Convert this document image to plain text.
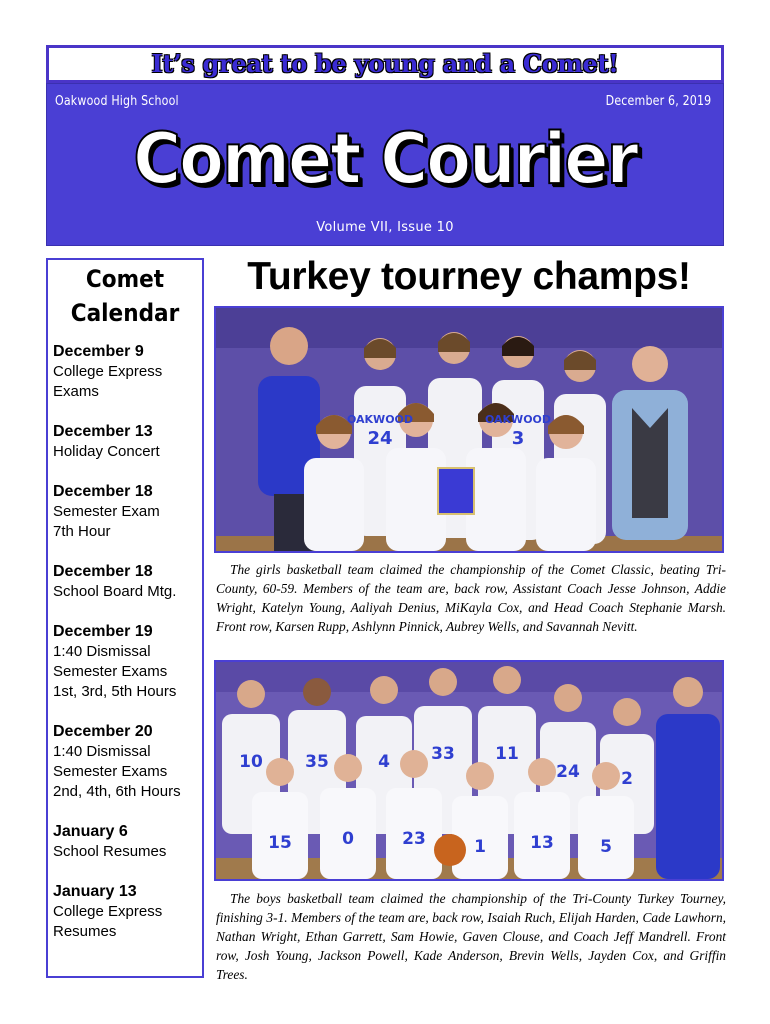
It’s great to be young and a Comet!
Oakwood High School	December 6, 2019
Comet Courier
Volume VII, Issue 10
Comet
Calendar
December 9
College Express
Exams
December 13
Holiday Concert
December 18
Semester Exam
7th Hour
December 18
School Board Mtg.
December 19
1:40 Dismissal
Semester Exams
1st, 3rd, 5th Hours
December 20
1:40 Dismissal
Semester Exams
2nd, 4th, 6th Hours
January 6
School Resumes
January 13
College Express
Resumes
Turkey tourney champs!
OAKWOOD
24
OAKWOOD
3
The girls basketball team claimed the championship of the Comet Classic, beating Tri-County, 60-59. Members of the team are, back row, Assistant Coach Jesse Johnson, Addie Wright, Katelyn Young, Aaliyah Denius, MiKayla Cox, and Head Coach Stephanie Marsh. Front row, Karsen Rupp, Ashlynn Pinnick, Aubrey Wells, and Savannah Nevitt.
10 35	4 33 11
24 2
15	0	23	1	13	5
The boys basketball team claimed the championship of the Tri-County Turkey Tourney, finishing 3-1. Members of the team are, back row, Isaiah Ruch, Elijah Harden, Cade Lawhorn, Nathan Wright, Ethan Garrett, Sam Howie, Gaven Clouse, and Coach Jeff Mandrell. Front row, Josh Young, Jackson Powell, Kade Anderson, Brevin Wells, Jayden Cox, and Griffin Trees.
